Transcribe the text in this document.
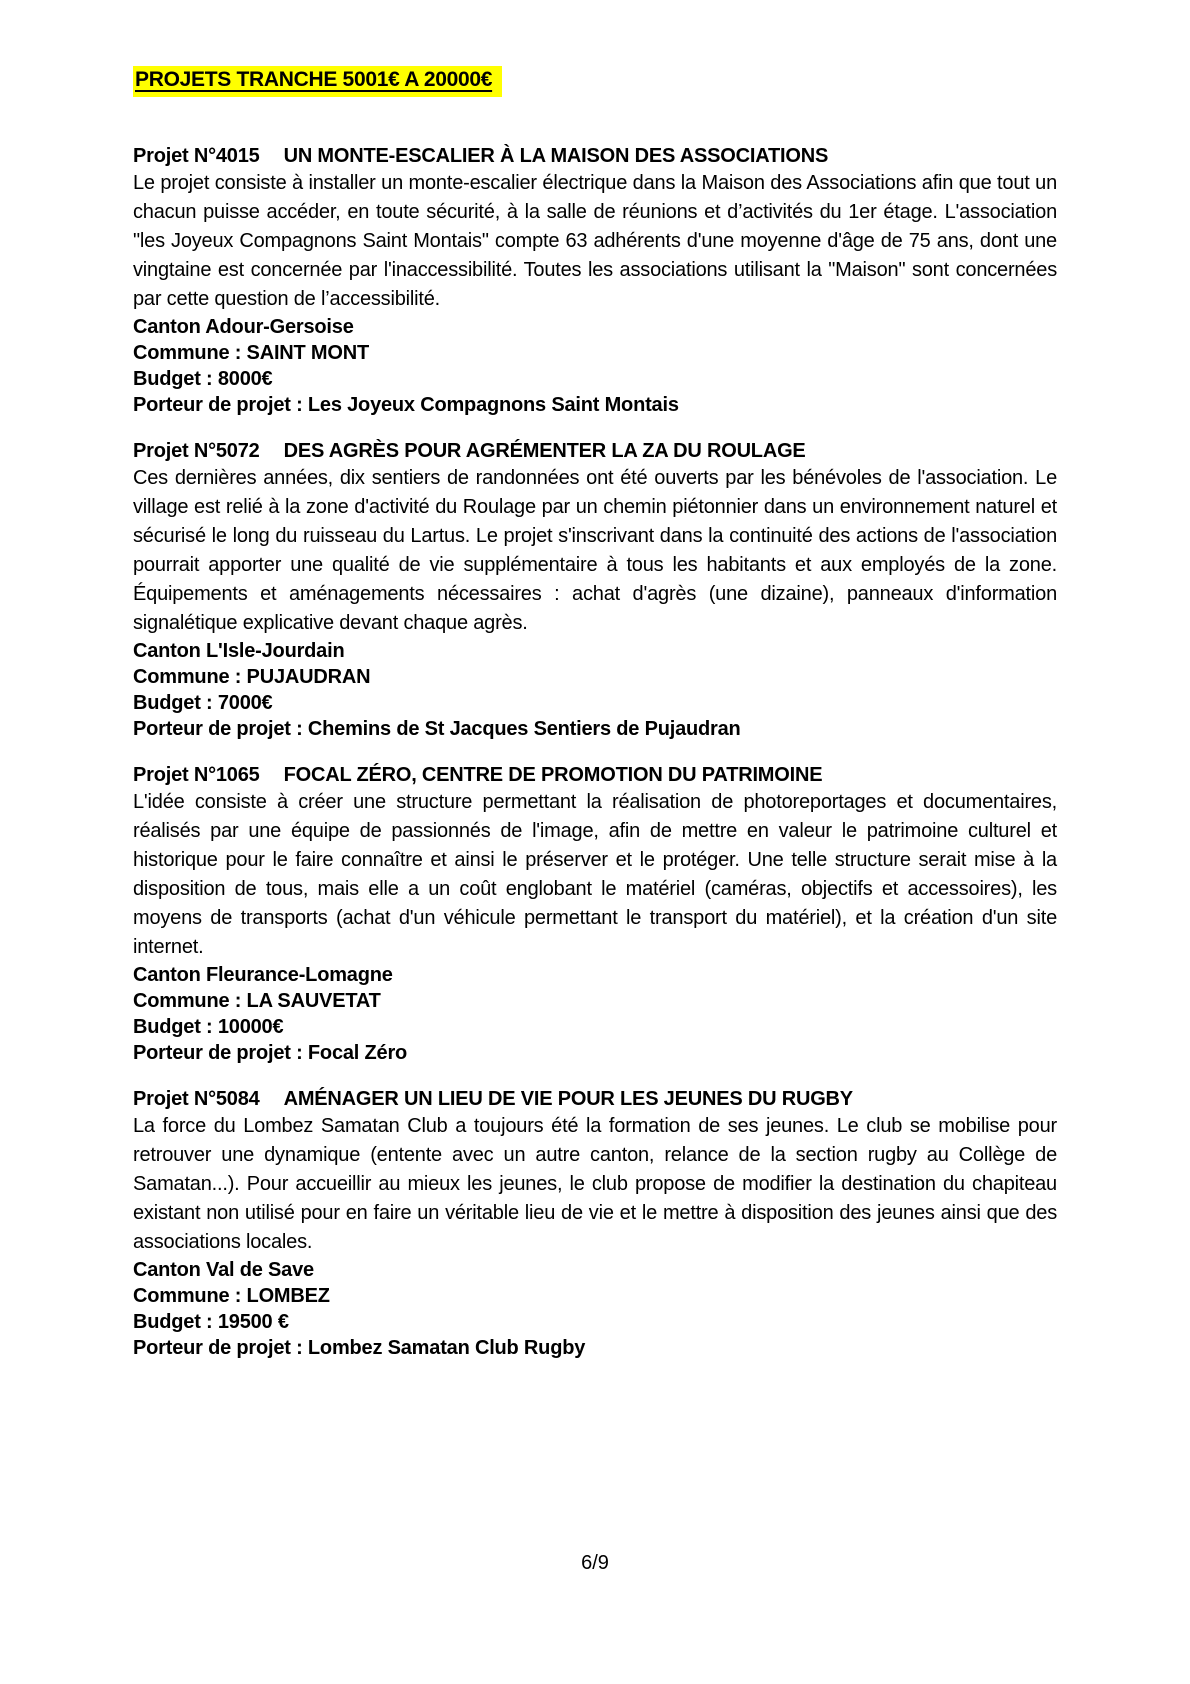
PROJETS TRANCHE 5001€ A 20000€
Projet N°4015 UN MONTE-ESCALIER À LA MAISON DES ASSOCIATIONS

Le projet consiste à installer un monte-escalier électrique dans la Maison des Associations afin que tout un chacun puisse accéder, en toute sécurité, à la salle de réunions et d’activités du 1er étage. L'association "les Joyeux Compagnons Saint Montais" compte 63 adhérents d'une moyenne d'âge de 75 ans, dont une vingtaine est concernée par l'inaccessibilité. Toutes les associations utilisant la "Maison" sont concernées par cette question de l’accessibilité.

Canton Adour-Gersoise
Commune : SAINT MONT
Budget : 8000€
Porteur de projet : Les Joyeux Compagnons Saint Montais
Projet N°5072 DES AGRÈS POUR AGRÉMENTER LA ZA DU ROULAGE

Ces dernières années, dix sentiers de randonnées ont été ouverts par les bénévoles de l'association. Le village est relié à la zone d'activité du Roulage par un chemin piétonnier dans un environnement naturel et sécurisé le long du ruisseau du Lartus. Le projet s'inscrivant dans la continuité des actions de l'association pourrait apporter une qualité de vie supplémentaire à tous les habitants et aux employés de la zone. Équipements et aménagements nécessaires : achat d'agrès (une dizaine), panneaux d'information signalétique explicative devant chaque agrès.

Canton L'Isle-Jourdain
Commune : PUJAUDRAN
Budget : 7000€
Porteur de projet : Chemins de St Jacques Sentiers de Pujaudran
Projet N°1065 FOCAL ZÉRO, CENTRE DE PROMOTION DU PATRIMOINE

L'idée consiste à créer une structure permettant la réalisation de photoreportages et documentaires, réalisés par une équipe de passionnés de l'image, afin de mettre en valeur le patrimoine culturel et historique pour le faire connaître et ainsi le préserver et le protéger. Une telle structure serait mise à la disposition de tous, mais elle a un coût englobant le matériel (caméras, objectifs et accessoires), les moyens de transports (achat d'un véhicule permettant le transport du matériel), et la création d'un site internet.

Canton Fleurance-Lomagne
Commune : LA SAUVETAT
Budget : 10000€
Porteur de projet : Focal Zéro
Projet N°5084 AMÉNAGER UN LIEU DE VIE POUR LES JEUNES DU RUGBY

La force du Lombez Samatan Club a toujours été la formation de ses jeunes. Le club se mobilise pour retrouver une dynamique (entente avec un autre canton, relance de la section rugby au Collège de Samatan...). Pour accueillir au mieux les jeunes, le club propose de modifier la destination du chapiteau existant non utilisé pour en faire un véritable lieu de vie et le mettre à disposition des jeunes ainsi que des associations locales.

Canton Val de Save
Commune : LOMBEZ
Budget : 19500 €
Porteur de projet : Lombez Samatan Club Rugby
6/9
